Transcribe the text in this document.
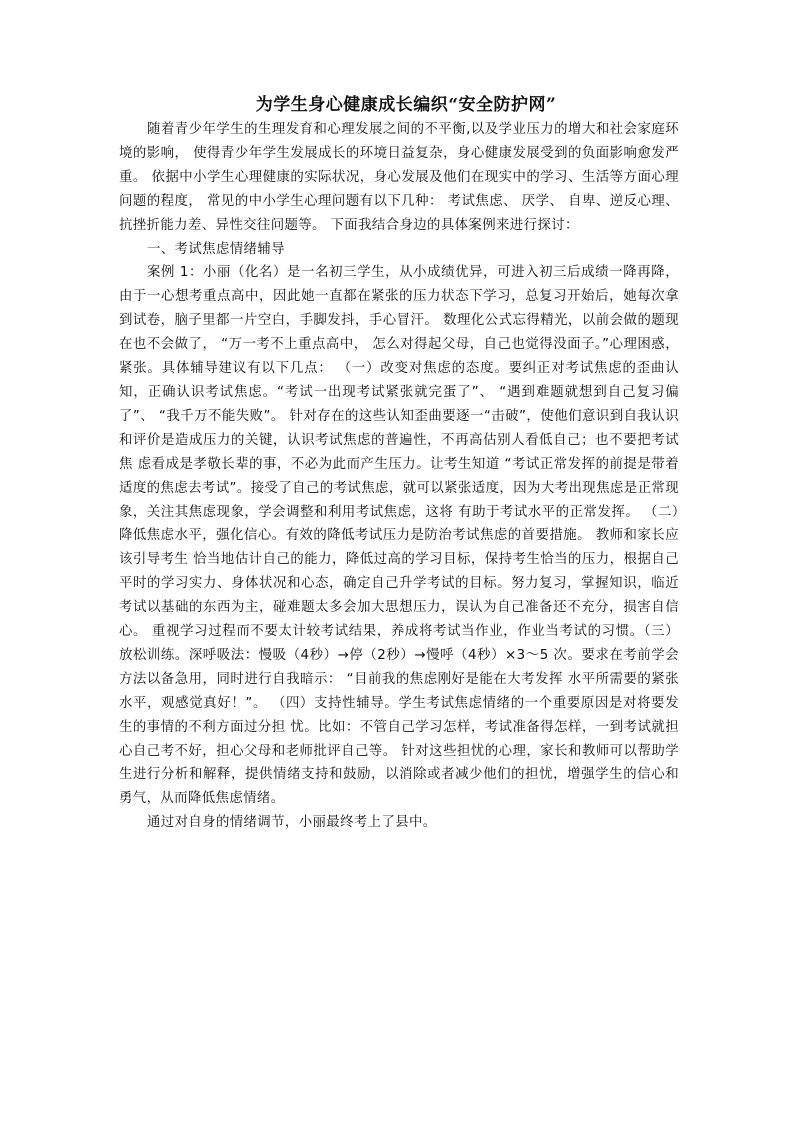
为学生身心健康成长编织“安全防护网”

随着青少年学生的生理发育和心理发展之间的不平衡,以及学业压力的增大和社会家庭环境的影响， 使得青少年学生发展成长的环境日益复杂，身心健康发展受到的负面影响愈发严重。 依据中小学生心理健康的实际状况，身心发展及他们在现实中的学习、生活等方面心理问题的程度， 常见的中小学生心理问题有以下几种： 考试焦虑、 厌学、 自卑、逆反心理、抗挫折能力差、异性交往问题等。 下面我结合身边的具体案例来进行探讨：

一、考试焦虑情绪辅导

案例 1：小丽（化名）是一名初三学生，从小成绩优异，可进入初三后成绩一降再降，由于一心想考重点高中，因此她一直都在紧张的压力状态下学习，总复习开始后，她每次拿到试卷，脑子里都一片空白，手脚发抖，手心冒汗。 数理化公式忘得精光，以前会做的题现在也不会做了， “万一考不上重点高中， 怎么对得起父母，自己也觉得没面子。”心理困惑，紧张。具体辅导建议有以下几点： （一）改变对焦虑的态度。要纠正对考试焦虑的歪曲认知，正确认识考试焦虑。“考试一出现考试紧张就完蛋了”、 “遇到难题就想到自己复习偏了”、 “我千万不能失败”。 针对存在的这些认知歪曲要逐一“击破”，使他们意识到自我认识和评价是造成压力的关键，认识考试焦虑的普遍性，不再高估别人看低自己；也不要把考试焦 虑看成是孝敬长辈的事，不必为此而产生压力。让考生知道 “考试正常发挥的前提是带着适度的焦虑去考试”。接受了自己的考试焦虑，就可以紧张适度，因为大考出现焦虑是正常现象，关注其焦虑现象，学会调整和利用考试焦虑，这将 有助于考试水平的正常发挥。 （二）降低焦虑水平，强化信心。有效的降低考试压力是防治考试焦虑的首要措施。 教师和家长应该引导考生 恰当地估计自己的能力，降低过高的学习目标，保持考生恰当的压力，根据自己平时的学习实力、身体状况和心态，确定自己升学考试的目标。努力复习，掌握知识，临近考试以基础的东西为主，碰难题太多会加大思想压力，误认为自己准备还不充分，损害自信心。 重视学习过程而不要太计较考试结果，养成将考试当作业，作业当考试的习惯。（三）放松训练。深呼吸法：慢吸（4秒）→停（2秒）→慢呼（4秒）×3～5 次。要求在考前学会方法以备急用，同时进行自我暗示： “目前我的焦虑刚好是能在大考发挥 水平所需要的紧张水平，观感觉真好！”。 （四）支持性辅导。学生考试焦虑情绪的一个重要原因是对将要发生的事情的不利方面过分担 忧。比如：不管自己学习怎样，考试准备得怎样，一到考试就担心自己考不好，担心父母和老师批评自己等。 针对这些担忧的心理，家长和教师可以帮助学生进行分析和解释，提供情绪支持和鼓励，以消除或者减少他们的担忧，增强学生的信心和勇气，从而降低焦虑情绪。

通过对自身的情绪调节，小丽最终考上了县中。
